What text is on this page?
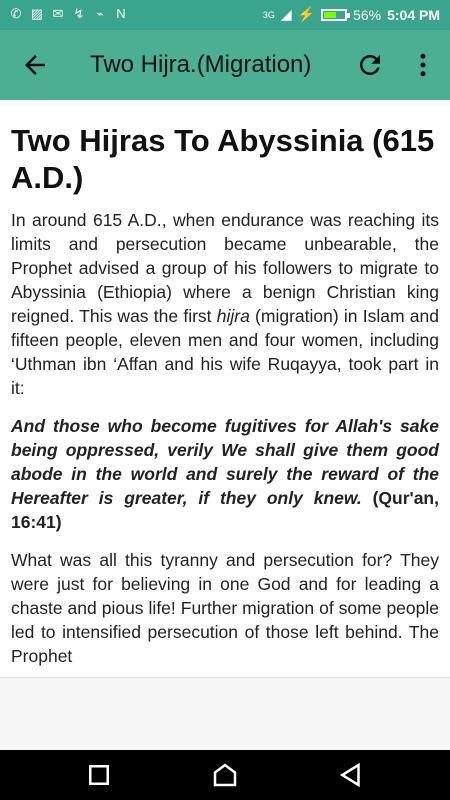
✆ ▨ ✉ ↯ ⌁ N	3G ◢ ⚡	56% 5:04 PM
Two Hijra.(Migration)
Two Hijras To Abyssinia (615 A.D.)

In around 615 A.D., when endurance was reaching its limits and persecution became unbearable, the Prophet advised a group of his followers to migrate to Abyssinia (Ethiopia) where a benign Christian king reigned. This was the first hijra (migration) in Islam and fifteen people, eleven men and four women, including ‘Uthman ibn ‘Affan and his wife Ruqayya, took part in it:

And those who become fugitives for Allah's sake being oppressed, verily We shall give them good abode in the world and surely the reward of the Hereafter is greater, if they only knew. (Qur'an, 16:41)

What was all this tyranny and persecution for? They were just for believing in one God and for leading a chaste and pious life! Further migration of some people led to intensified persecution of those left behind. The Prophet
